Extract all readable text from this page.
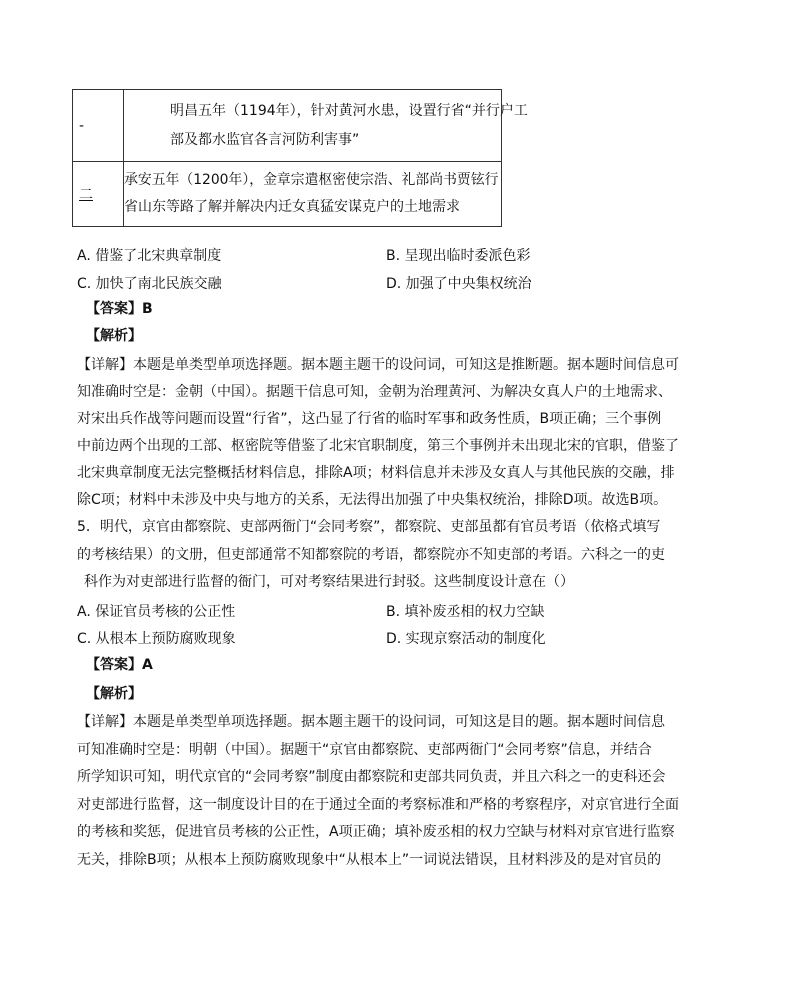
-	明昌五年（1194年），针对黄河水患，设置行省“并行户工
部及都水监官各言河防利害事”

二	承安五年（1200年），金章宗遣枢密使宗浩、礼部尚书贾铉行
省山东等路了解并解决内迁女真猛安谋克户的土地需求
A. 借鉴了北宋典章制度	B. 呈现出临时委派色彩
C. 加快了南北民族交融	D. 加强了中央集权统治
【答案】B
【解析】
【详解】本题是单类型单项选择题。据本题主题干的设问词，可知这是推断题。据本题时间信息可
知准确时空是：金朝（中国）。据题干信息可知，金朝为治理黄河、为解决女真人户的土地需求、
对宋出兵作战等问题而设置“行省”，这凸显了行省的临时军事和政务性质，B项正确；三个事例
中前边两个出现的工部、枢密院等借鉴了北宋官职制度，第三个事例并未出现北宋的官职，借鉴了
北宋典章制度无法完整概括材料信息，排除A项；材料信息并未涉及女真人与其他民族的交融，排
除C项；材料中未涉及中央与地方的关系，无法得出加强了中央集权统治，排除D项。故选B项。
5．明代，京官由都察院、吏部两衙门“会同考察”，都察院、吏部虽都有官员考语（依格式填写
的考核结果）的文册，但吏部通常不知都察院的考语，都察院亦不知吏部的考语。六科之一的吏
科作为对吏部进行监督的衙门，可对考察结果进行封驳。这些制度设计意在（）
A. 保证官员考核的公正性	B. 填补废丞相的权力空缺
C. 从根本上预防腐败现象	D. 实现京察活动的制度化
【答案】A
【解析】
【详解】本题是单类型单项选择题。据本题主题干的设问词，可知这是目的题。据本题时间信息
可知准确时空是：明朝（中国）。据题干“京官由都察院、吏部两衙门“会同考察”信息，并结合
所学知识可知，明代京官的“会同考察”制度由都察院和吏部共同负责，并且六科之一的吏科还会
对吏部进行监督，这一制度设计目的在于通过全面的考察标准和严格的考察程序，对京官进行全面
的考核和奖惩，促进官员考核的公正性，A项正确；填补废丞相的权力空缺与材料对京官进行监察
无关，排除B项；从根本上预防腐败现象中“从根本上”一词说法错误，且材料涉及的是对官员的
